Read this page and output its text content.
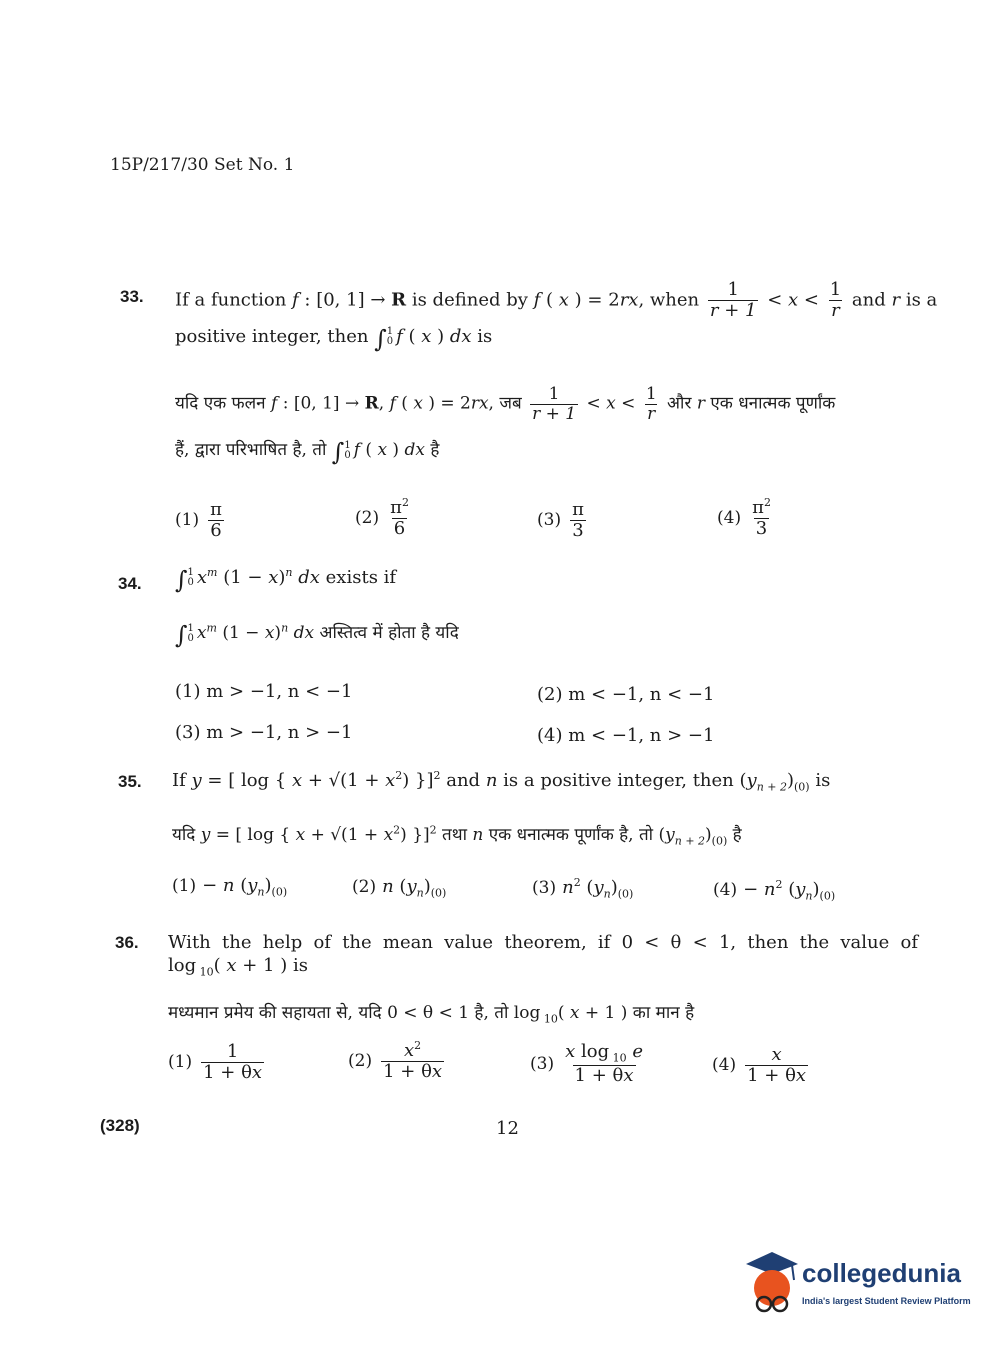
15P/217/30 Set No. 1
33. If a function f : [0, 1] → R is defined by f ( x ) = 2rx, when $\frac{1}{r + 1} < x < \frac{1}{r}$ and r is a
positive integer, then ∫ 1
0 f ( x ) dx is
यदि एक फलन f : [0, 1] → R, f ( x ) = 2rx, जब $\frac{1}{r + 1} < x < \frac{1}{r}$ और r एक धनात्मक पूर्णांक
हैं, द्वारा परिभाषित है, तो ∫ 1
0 f ( x ) dx है
$(1) \frac{\pi}{6}$	$(2) \frac{\pi^2}{6}$	$(3) \frac{\pi}{3}$	$(4) \frac{\pi^2}{3}$
34. ∫ 1
0 $x^m$ $(1 - x)^n$ dx exists if
∫ 1
0 $x^m$ $(1 - x)^n$ dx अस्तित्व में होता है यदि
(1) m > −1, n < −1	(2) m < −1, n < −1
(3) m > −1, n > −1	(4) m < −1, n > −1
35. If y = [ log { $x + √(1 + x^2)$ }]$^2$ and n is a positive integer, then $(y_{n + 2})_{(0)}$ is
यदि y = [ log { $x + √(1 + x^2)$ }]$^2$ तथा n एक धनात्मक पूर्णांक है, तो $(y_{n + 2})_{(0)}$ है
(1) − n $(y_n)_{(0)}$	(2) n $(y_n)_{(0)}$	(3) $n^2$ $(y_n)_{(0)}$	$(4) - n^2$ $(y_n)_{(0)}$
36. With the help of the mean value theorem, if 0 < θ < 1, then the value of
log $_{10}$( x + 1 ) is
मध्यमान प्रमेय की सहायता से, यदि 0 < θ < 1 है, तो log $_{10}$( x + 1 ) का मान है
$(1) \frac{1}{1 + \theta x}$	$(2) \frac{x^2}{1 + \theta x}$	$(3) \frac{x \log _{10} e}{1 + \theta x}$	$(4) \frac{x}{1 + \theta x}$
(328)	12
collegedunia
India's largest Student Review Platform
